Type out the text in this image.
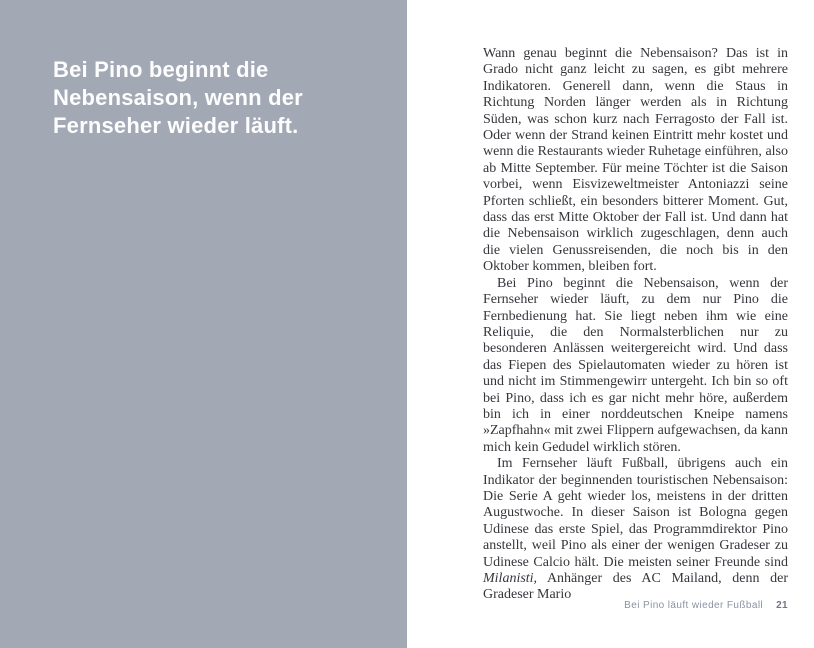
Bei Pino beginnt die
Nebensaison, wenn der
Fernseher wieder läuft.

Wann genau beginnt die Nebensaison? Das ist in Grado nicht ganz leicht zu sagen, es gibt mehrere Indikatoren. Generell dann, wenn die Staus in Richtung Norden länger werden als in Richtung Süden, was schon kurz nach Ferragosto der Fall ist. Oder wenn der Strand keinen Eintritt mehr kostet und wenn die Restaurants wieder Ruhetage einführen, also ab Mitte September. Für meine Töchter ist die Saison vorbei, wenn Eisvizeweltmeister Antoniazzi seine Pforten schließt, ein besonders bitterer Moment. Gut, dass das erst Mitte Oktober der Fall ist. Und dann hat die Nebensaison wirklich zugeschlagen, denn auch die vielen Genussreisenden, die noch bis in den Oktober kommen, bleiben fort.

Bei Pino beginnt die Nebensaison, wenn der Fernseher wieder läuft, zu dem nur Pino die Fernbedienung hat. Sie liegt neben ihm wie eine Reliquie, die den Normalsterblichen nur zu besonderen Anlässen weitergereicht wird. Und dass das Fiepen des Spielautomaten wieder zu hören ist und nicht im Stimmengewirr untergeht. Ich bin so oft bei Pino, dass ich es gar nicht mehr höre, außerdem bin ich in einer norddeutschen Kneipe namens »Zapfhahn« mit zwei Flippern aufgewachsen, da kann mich kein Gedudel wirklich stören.

Im Fernseher läuft Fußball, übrigens auch ein Indikator der beginnenden touristischen Nebensaison: Die Serie A geht wieder los, meistens in der dritten Augustwoche. In dieser Saison ist Bologna gegen Udinese das erste Spiel, das Programmdirektor Pino anstellt, weil Pino als einer der wenigen Gradeser zu Udinese Calcio hält. Die meisten seiner Freunde sind Milanisti, Anhänger des AC Mailand, denn der Gradeser Mario

Bei Pino läuft wieder Fußball 21
